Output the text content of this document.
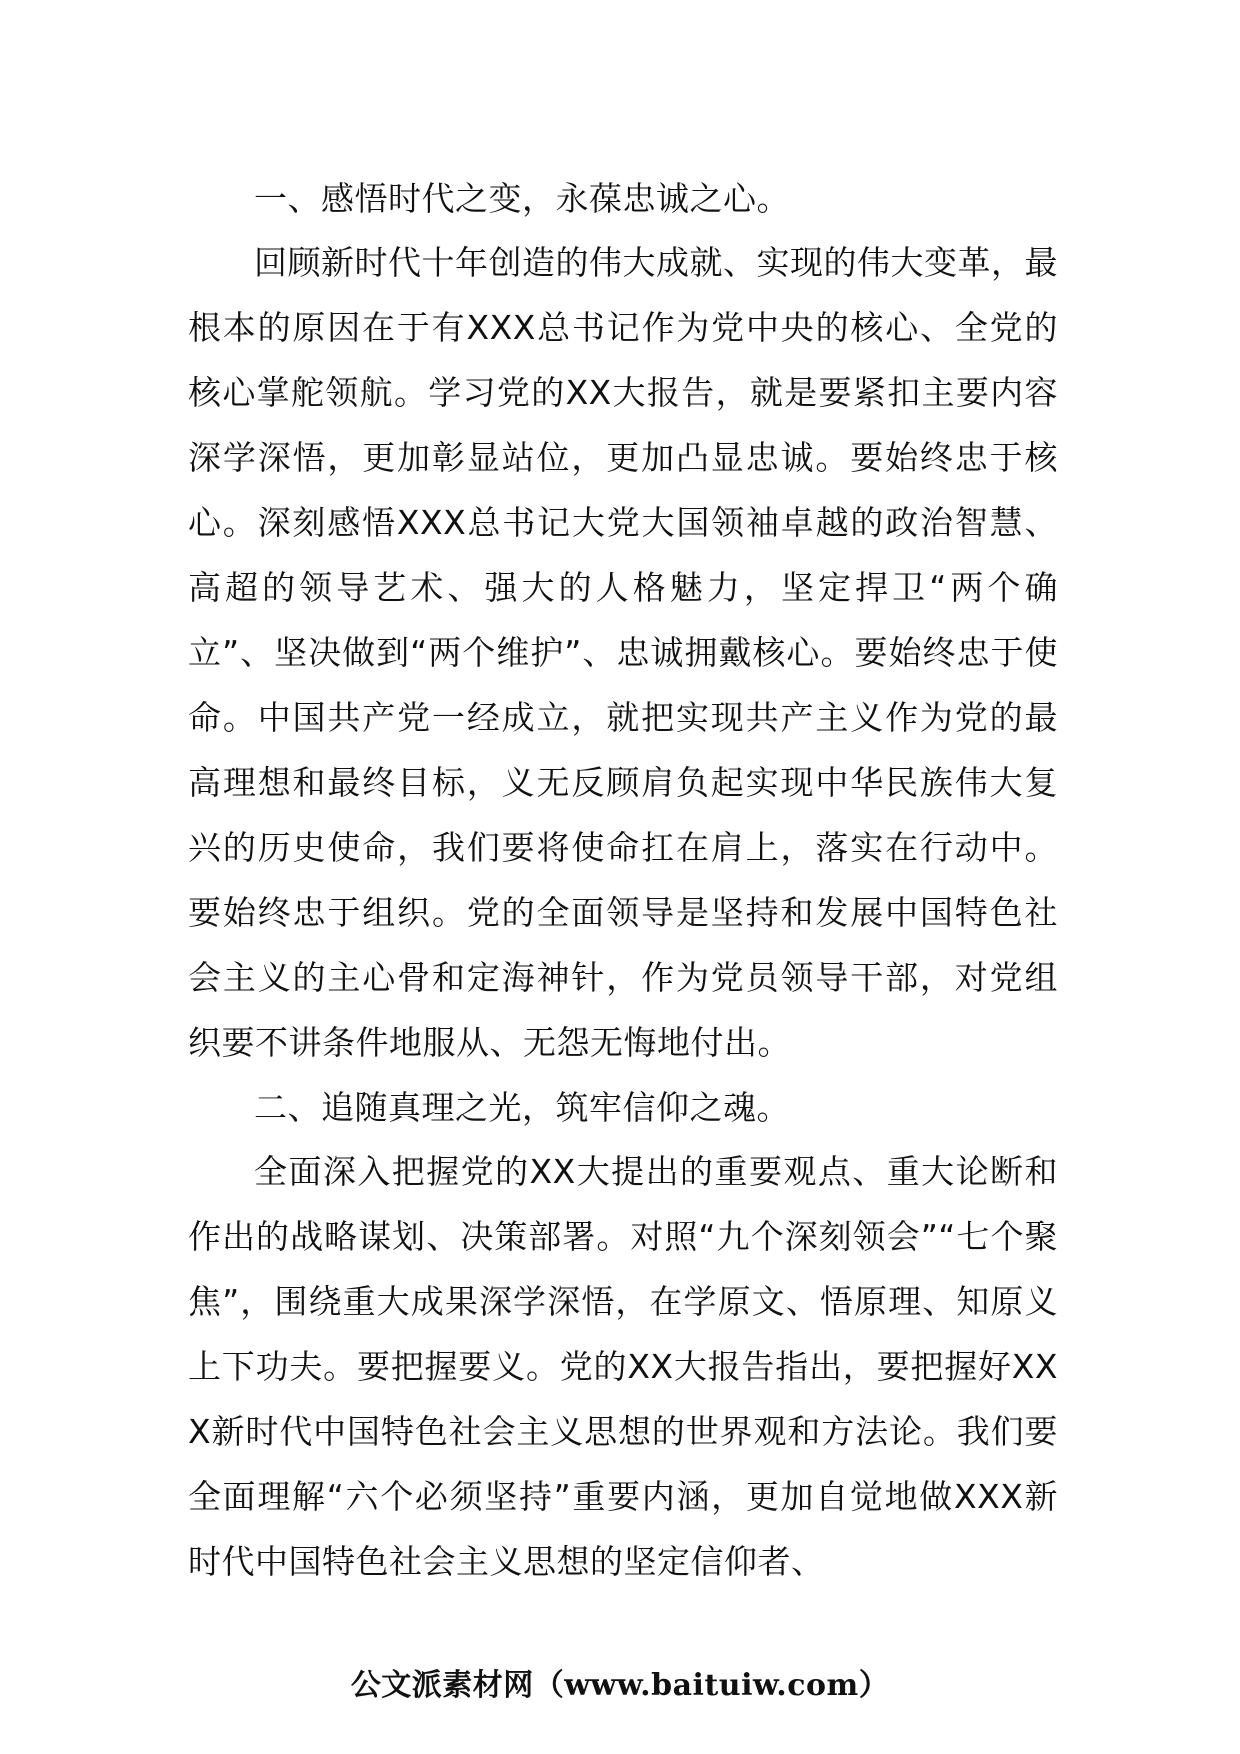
一、感悟时代之变，永葆忠诚之心。

回顾新时代十年创造的伟大成就、实现的伟大变革，最根本的原因在于有XXX总书记作为党中央的核心、全党的核心掌舵领航。学习党的XX大报告，就是要紧扣主要内容深学深悟，更加彰显站位，更加凸显忠诚。要始终忠于核心。深刻感悟XXX总书记大党大国领袖卓越的政治智慧、高超的领导艺术、强大的人格魅力，坚定捍卫“两个确立”、坚决做到“两个维护”、忠诚拥戴核心。要始终忠于使命。中国共产党一经成立，就把实现共产主义作为党的最高理想和最终目标，义无反顾肩负起实现中华民族伟大复兴的历史使命，我们要将使命扛在肩上，落实在行动中。要始终忠于组织。党的全面领导是坚持和发展中国特色社会主义的主心骨和定海神针，作为党员领导干部，对党组织要不讲条件地服从、无怨无悔地付出。

二、追随真理之光，筑牢信仰之魂。

全面深入把握党的XX大提出的重要观点、重大论断和作出的战略谋划、决策部署。对照“九个深刻领会”“七个聚焦”，围绕重大成果深学深悟，在学原文、悟原理、知原义上下功夫。要把握要义。党的XX大报告指出，要把握好XXX新时代中国特色社会主义思想的世界观和方法论。我们要全面理解“六个必须坚持”重要内涵，更加自觉地做XXX新时代中国特色社会主义思想的坚定信仰者、

公文派素材网（www.baituiw.com）
